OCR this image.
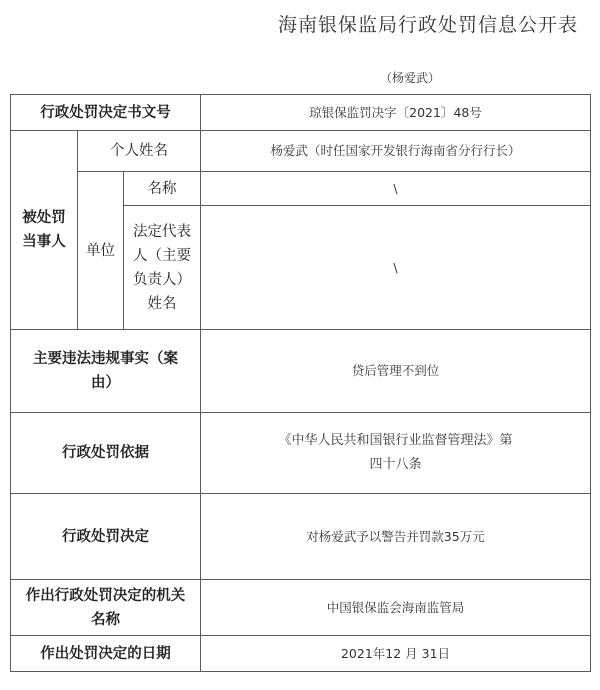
海南银保监局行政处罚信息公开表
（杨爱武）
行政处罚决定书文号			琼银保监罚决字〔2021〕48号
被处罚当事人	个人姓名		杨爱武（时任国家开发银行海南省分行行长）
	单位	名称	\
		法定代表人（主要负责人）姓名	\
主要违法违规事实（案由）			贷后管理不到位
行政处罚依据			《中华人民共和国银行业监督管理法》第四十八条
行政处罚决定			对杨爱武予以警告并罚款35万元
作出行政处罚决定的机关名称			中国银保监会海南监管局
作出处罚决定的日期			2021年12 月 31日
